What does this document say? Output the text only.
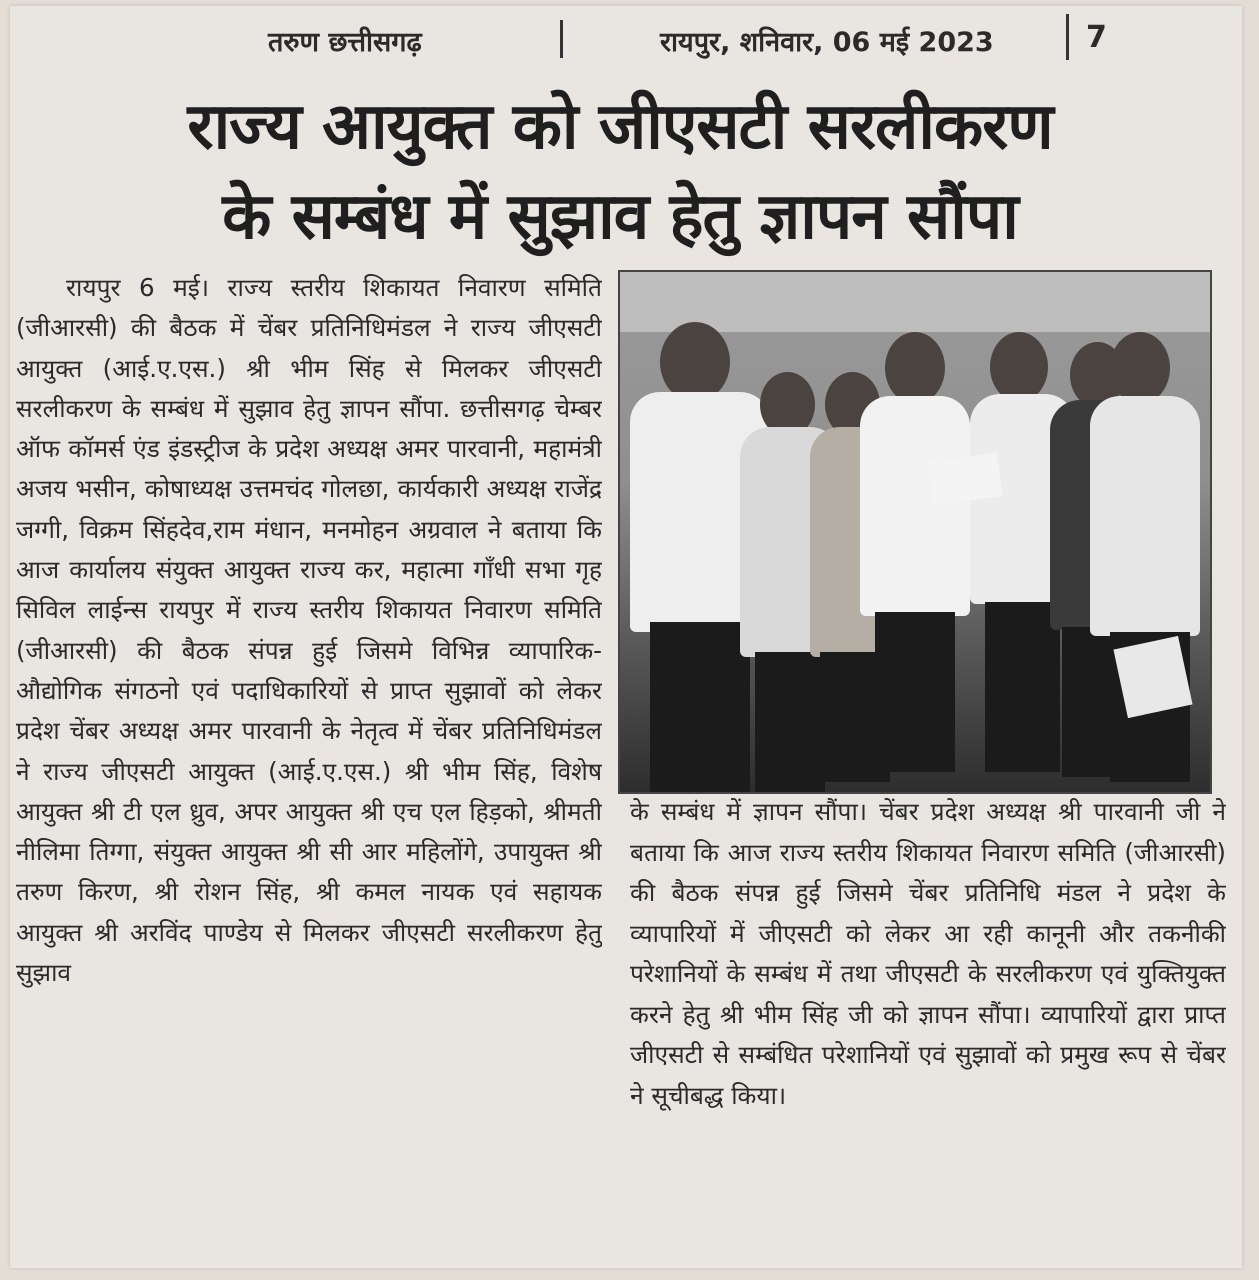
तरुण छत्तीसगढ़	रायपुर, शनिवार, 06 मई 2023	7
राज्य आयुक्त को जीएसटी सरलीकरण
के सम्बंध में सुझाव हेतु ज्ञापन सौंपा

रायपुर 6 मई। राज्य स्तरीय शिकायत निवारण समिति (जीआरसी) की बैठक में चेंबर प्रतिनिधिमंडल ने राज्य जीएसटी आयुक्त (आई.ए.एस.) श्री भीम सिंह से मिलकर जीएसटी सरलीकरण के सम्बंध में सुझाव हेतु ज्ञापन सौंपा. छत्तीसगढ़ चेम्बर ऑफ कॉमर्स एंड इंडस्ट्रीज के प्रदेश अध्यक्ष अमर पारवानी, महामंत्री अजय भसीन, कोषाध्यक्ष उत्तमचंद गोलछा, कार्यकारी अध्यक्ष राजेंद्र जग्गी, विक्रम सिंहदेव,राम मंधान, मनमोहन अग्रवाल ने बताया कि आज कार्यालय संयुक्त आयुक्त राज्य कर, महात्मा गाँधी सभा गृह सिविल लाईन्स रायपुर में राज्य स्तरीय शिकायत निवारण समिति (जीआरसी) की बैठक संपन्न हुई जिसमे विभिन्न व्यापारिक-औद्योगिक संगठनो एवं पदाधिकारियों से प्राप्त सुझावों को लेकर प्रदेश चेंबर अध्यक्ष अमर पारवानी के नेतृत्व में चेंबर प्रतिनिधिमंडल ने राज्य जीएसटी आयुक्त (आई.ए.एस.) श्री भीम सिंह, विशेष आयुक्त श्री टी एल ध्रुव, अपर आयुक्त श्री एच एल हिड़को, श्रीमती नीलिमा तिग्गा, संयुक्त आयुक्त श्री सी आर महिलोंगे, उपायुक्त श्री तरुण किरण, श्री रोशन सिंह, श्री कमल नायक एवं सहायक आयुक्त श्री अरविंद पाण्डेय से मिलकर जीएसटी सरलीकरण हेतु सुझाव

के सम्बंध में ज्ञापन सौंपा। चेंबर प्रदेश अध्यक्ष श्री पारवानी जी ने बताया कि आज राज्य स्तरीय शिकायत निवारण समिति (जीआरसी) की बैठक संपन्न हुई जिसमे चेंबर प्रतिनिधि मंडल ने प्रदेश के व्यापारियों में जीएसटी को लेकर आ रही कानूनी और तकनीकी परेशानियों के सम्बंध में तथा जीएसटी के सरलीकरण एवं युक्तियुक्त करने हेतु श्री भीम सिंह जी को ज्ञापन सौंपा। व्यापारियों द्वारा प्राप्त जीएसटी से सम्बंधित परेशानियों एवं सुझावों को प्रमुख रूप से चेंबर ने सूचीबद्ध किया।
